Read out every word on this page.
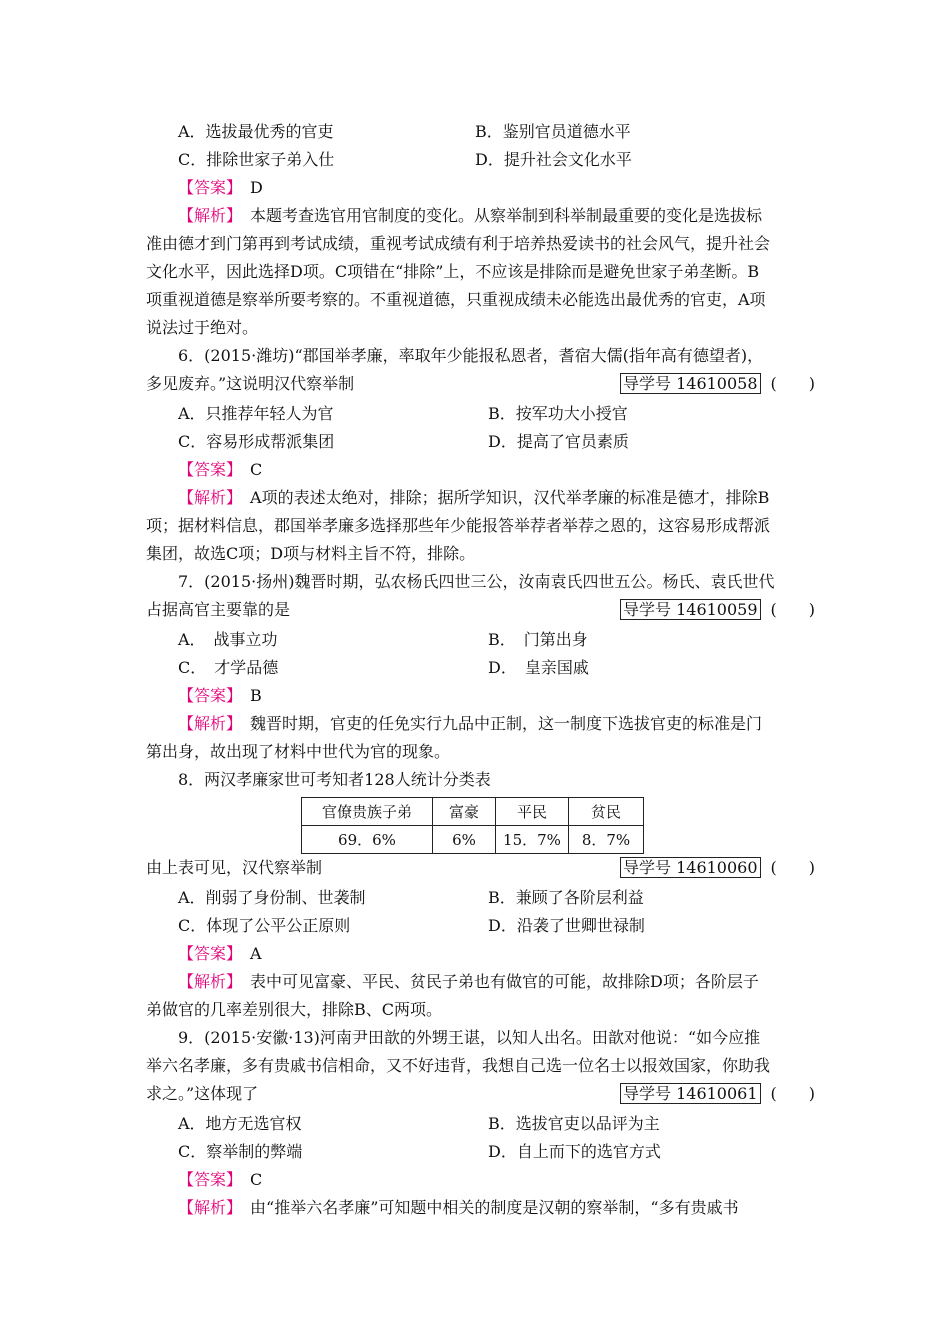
A．选拔最优秀的官吏	B．鉴别官员道德水平
C．排除世家子弟入仕	D．提升社会文化水平
【答案】　 D
【解析】　 本题考查选官用官制度的变化。从察举制到科举制最重要的变化是选拔标
准由德才到门第再到考试成绩，重视考试成绩有利于培养热爱读书的社会风气，提升社会
文化水平，因此选择D项。C项错在“排除”上，不应该是排除而是避免世家子弟垄断。B
项重视道德是察举所要考察的。不重视道德，只重视成绩未必能选出最优秀的官吏，A项
说法过于绝对。
6．(2015·潍坊)“郡国举孝廉，率取年少能报私恩者，耆宿大儒(指年高有德望者)，
多见废弃。”这说明汉代察举制	导学号 14610058 (　　)
A．只推荐年轻人为官	B．按军功大小授官
C．容易形成帮派集团	D．提高了官员素质
【答案】　 C
【解析】　 A项的表述太绝对，排除；据所学知识，汉代举孝廉的标准是德才，排除B
项；据材料信息，郡国举孝廉多选择那些年少能报答举荐者举荐之恩的，这容易形成帮派
集团，故选C项；D项与材料主旨不符，排除。
7．(2015·扬州)魏晋时期，弘农杨氏四世三公，汝南袁氏四世五公。杨氏、袁氏世代
占据高官主要靠的是	导学号 14610059 (　　)
A．　战事立功	B．　门第出身
C．　才学品德	D．　皇亲国戚
【答案】　 B
【解析】　 魏晋时期，官吏的任免实行九品中正制，这一制度下选拔官吏的标准是门
第出身，故出现了材料中世代为官的现象。
8．两汉孝廉家世可考知者128人统计分类表
官僚贵族子弟	富豪	平民	贫民
69．6%	6%	15．7%	8．7%
由上表可见，汉代察举制	导学号 14610060 (　　)
A．削弱了身份制、世袭制	B．兼顾了各阶层利益
C．体现了公平公正原则	D．沿袭了世卿世禄制
【答案】　 A
【解析】　 表中可见富豪、平民、贫民子弟也有做官的可能，故排除D项；各阶层子
弟做官的几率差别很大，排除B、C两项。
9．(2015·安徽·13)河南尹田歆的外甥王谌，以知人出名。田歆对他说：“如今应推
举六名孝廉，多有贵戚书信相命，又不好违背，我想自己选一位名士以报效国家，你助我
求之。”这体现了	导学号 14610061 (　　)
A．地方无选官权	B．选拔官吏以品评为主
C．察举制的弊端	D．自上而下的选官方式
【答案】　 C
【解析】　 由“推举六名孝廉”可知题中相关的制度是汉朝的察举制，“多有贵戚书
